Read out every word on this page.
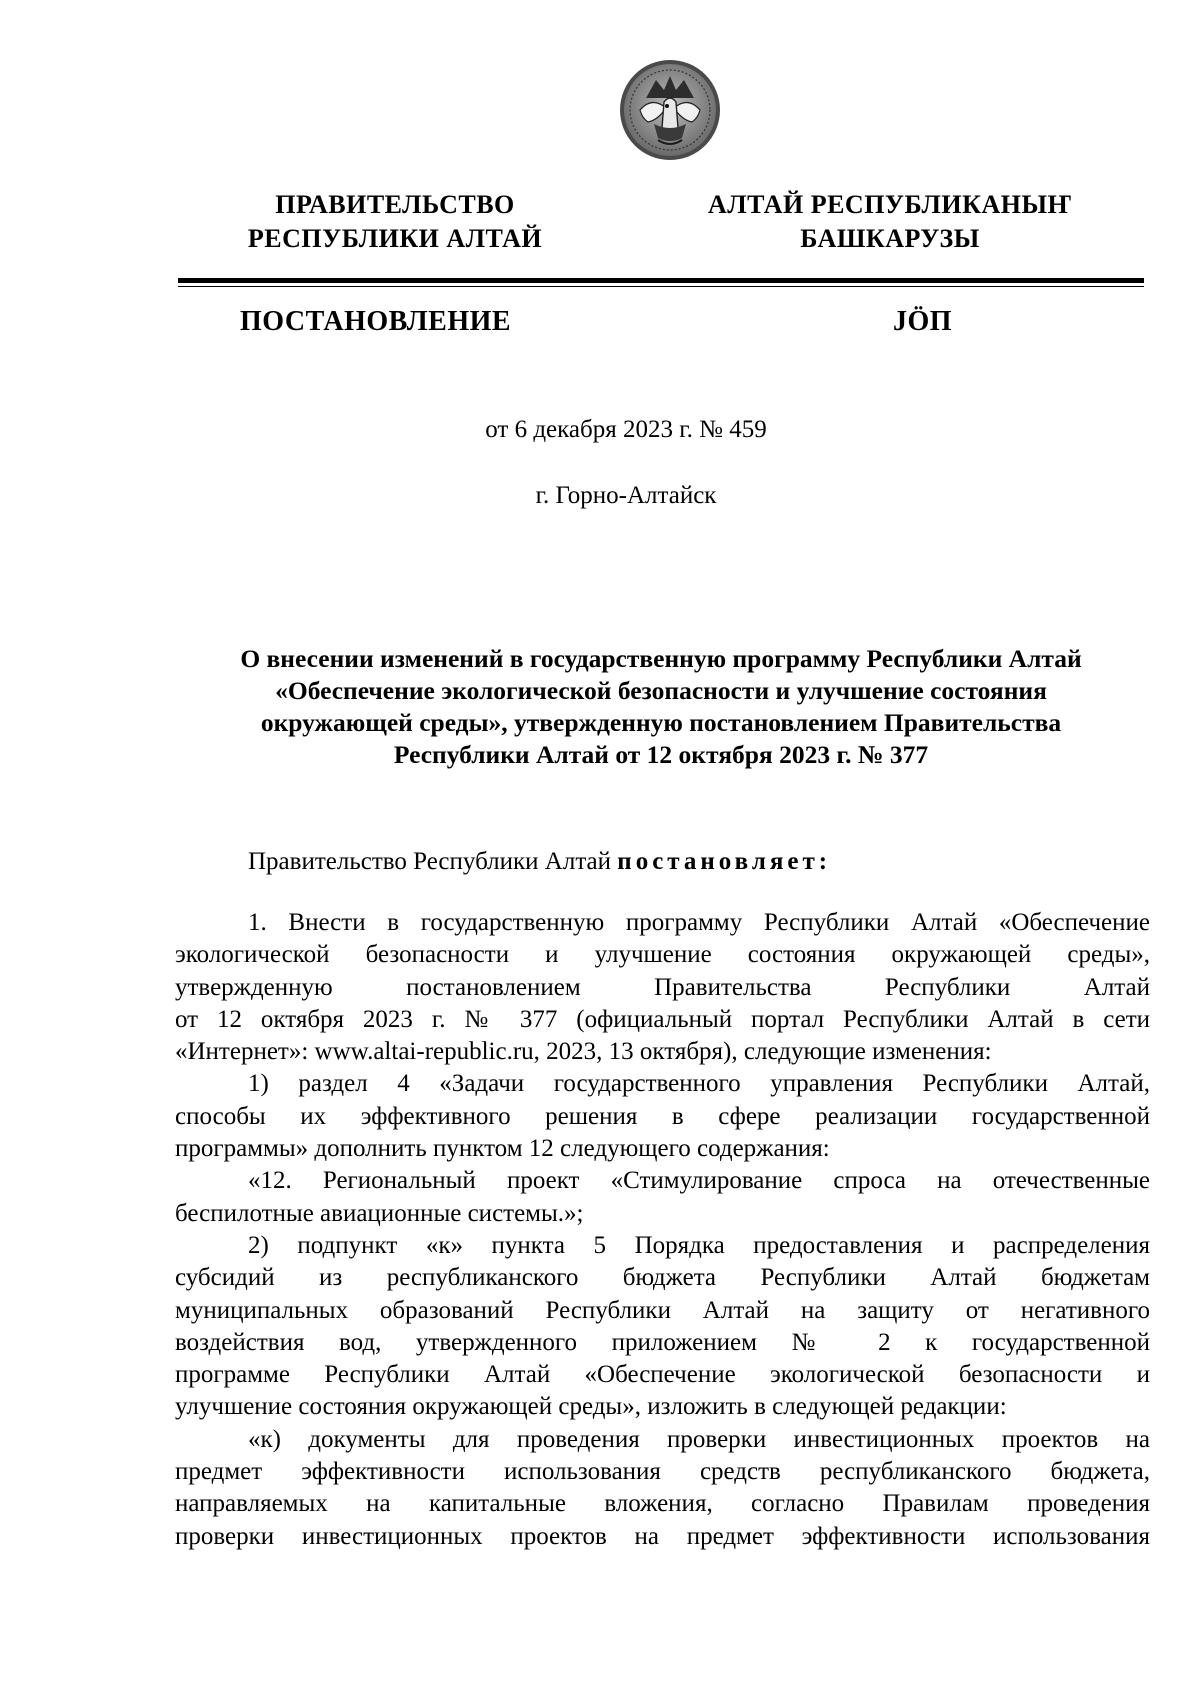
ПРАВИТЕЛЬСТВО
РЕСПУБЛИКИ АЛТАЙ
АЛТАЙ РЕСПУБЛИКАНЫҤ
БАШКАРУЗЫ
ПОСТАНОВЛЕНИЕ	JÖП
от 6 декабря 2023 г. № 459
г. Горно-Алтайск
О внесении изменений в государственную программу Республики Алтай
«Обеспечение экологической безопасности и улучшение состояния
окружающей среды», утвержденную постановлением Правительства
Республики Алтай от 12 октября 2023 г. № 377
Правительство Республики Алтай постановляет:
1. Внести в государственную программу Республики Алтай «Обеспечение
экологической безопасности и улучшение состояния окружающей среды»,
утвержденную постановлением Правительства Республики Алтай
от 12 октября 2023 г. № 377 (официальный портал Республики Алтай в сети
«Интернет»: www.altai-republic.ru, 2023, 13 октября), следующие изменения:
1) раздел 4 «Задачи государственного управления Республики Алтай,
способы их эффективного решения в сфере реализации государственной
программы» дополнить пунктом 12 следующего содержания:
«12. Региональный проект «Стимулирование спроса на отечественные
беспилотные авиационные системы.»;
2) подпункт «к» пункта 5 Порядка предоставления и распределения
субсидий из республиканского бюджета Республики Алтай бюджетам
муниципальных образований Республики Алтай на защиту от негативного
воздействия вод, утвержденного приложением № 2 к государственной
программе Республики Алтай «Обеспечение экологической безопасности и
улучшение состояния окружающей среды», изложить в следующей редакции:
«к) документы для проведения проверки инвестиционных проектов на
предмет эффективности использования средств республиканского бюджета,
направляемых на капитальные вложения, согласно Правилам проведения
проверки инвестиционных проектов на предмет эффективности использования
